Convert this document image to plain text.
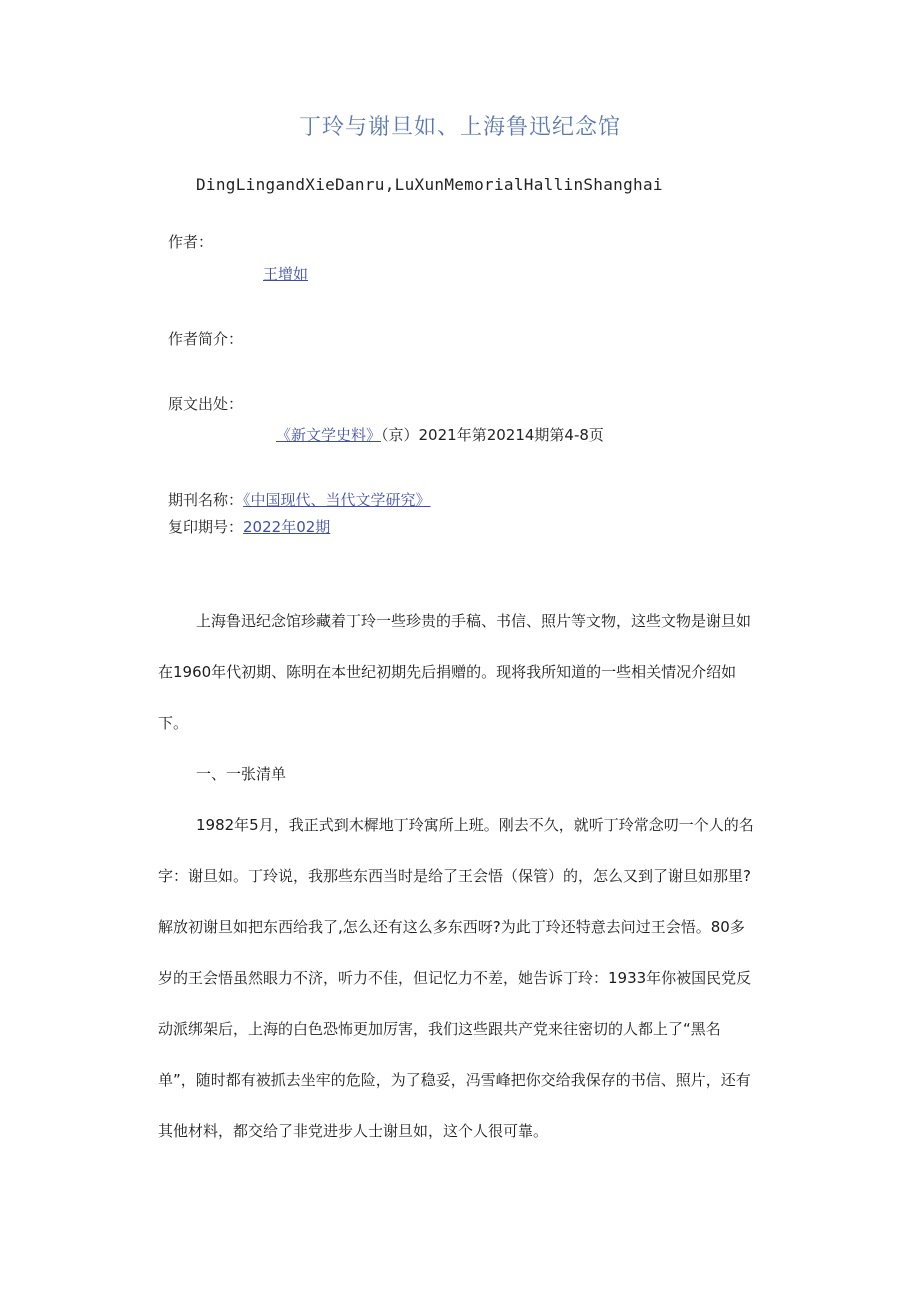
丁玲与谢旦如、上海鲁迅纪念馆
DingLingandXieDanru,LuXunMemorialHallinShanghai
作者：
王增如
作者简介：
原文出处：
《新文学史料》（京）2021年第20214期第4-8页
期刊名称：《中国现代、当代文学研究》
复印期号：2022年02期

上海鲁迅纪念馆珍藏着丁玲一些珍贵的手稿、书信、照片等文物，这些文物是谢旦如在1960年代初期、陈明在本世纪初期先后捐赠的。现将我所知道的一些相关情况介绍如下。

一、一张清单

1982年5月，我正式到木樨地丁玲寓所上班。刚去不久，就听丁玲常念叨一个人的名字：谢旦如。丁玲说，我那些东西当时是给了王会悟（保管）的，怎么又到了谢旦如那里?解放初谢旦如把东西给我了,怎么还有这么多东西呀?为此丁玲还特意去问过王会悟。80多岁的王会悟虽然眼力不济，听力不佳，但记忆力不差，她告诉丁玲：1933年你被国民党反动派绑架后，上海的白色恐怖更加厉害，我们这些跟共产党来往密切的人都上了“黑名单”，随时都有被抓去坐牢的危险，为了稳妥，冯雪峰把你交给我保存的书信、照片，还有其他材料，都交给了非党进步人士谢旦如，这个人很可靠。
